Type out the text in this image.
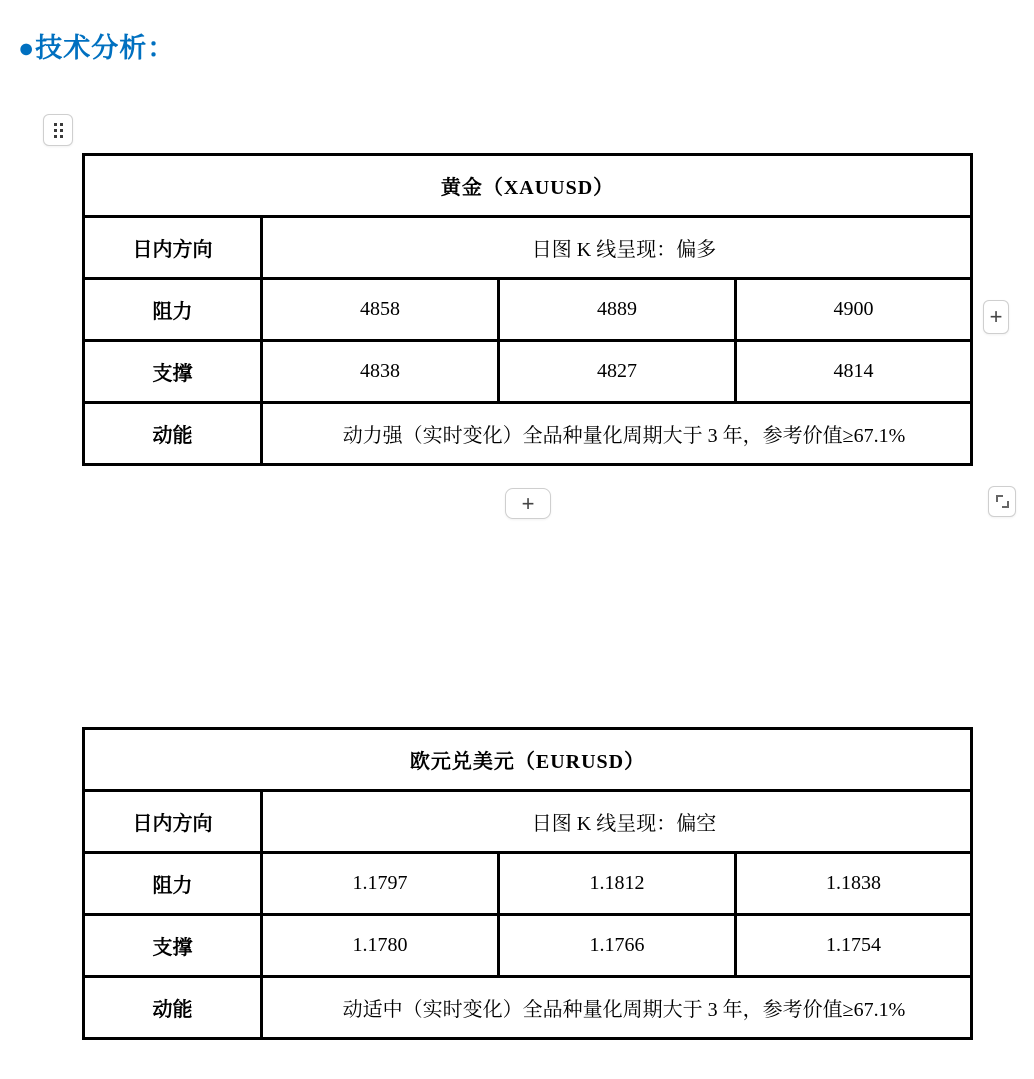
●技术分析：
黄金（XAUUSD）			
日内方向	日图 K 线呈现：偏多		
阻力	4858	4889	4900
支撑	4838	4827	4814
动能	动力强（实时变化）全品种量化周期大于 3 年，参考价值≥67.1%		
+
+
欧元兑美元（EURUSD）			
日内方向	日图 K 线呈现：偏空		
阻力	1.1797	1.1812	1.1838
支撑	1.1780	1.1766	1.1754
动能	动适中（实时变化）全品种量化周期大于 3 年，参考价值≥67.1%		
